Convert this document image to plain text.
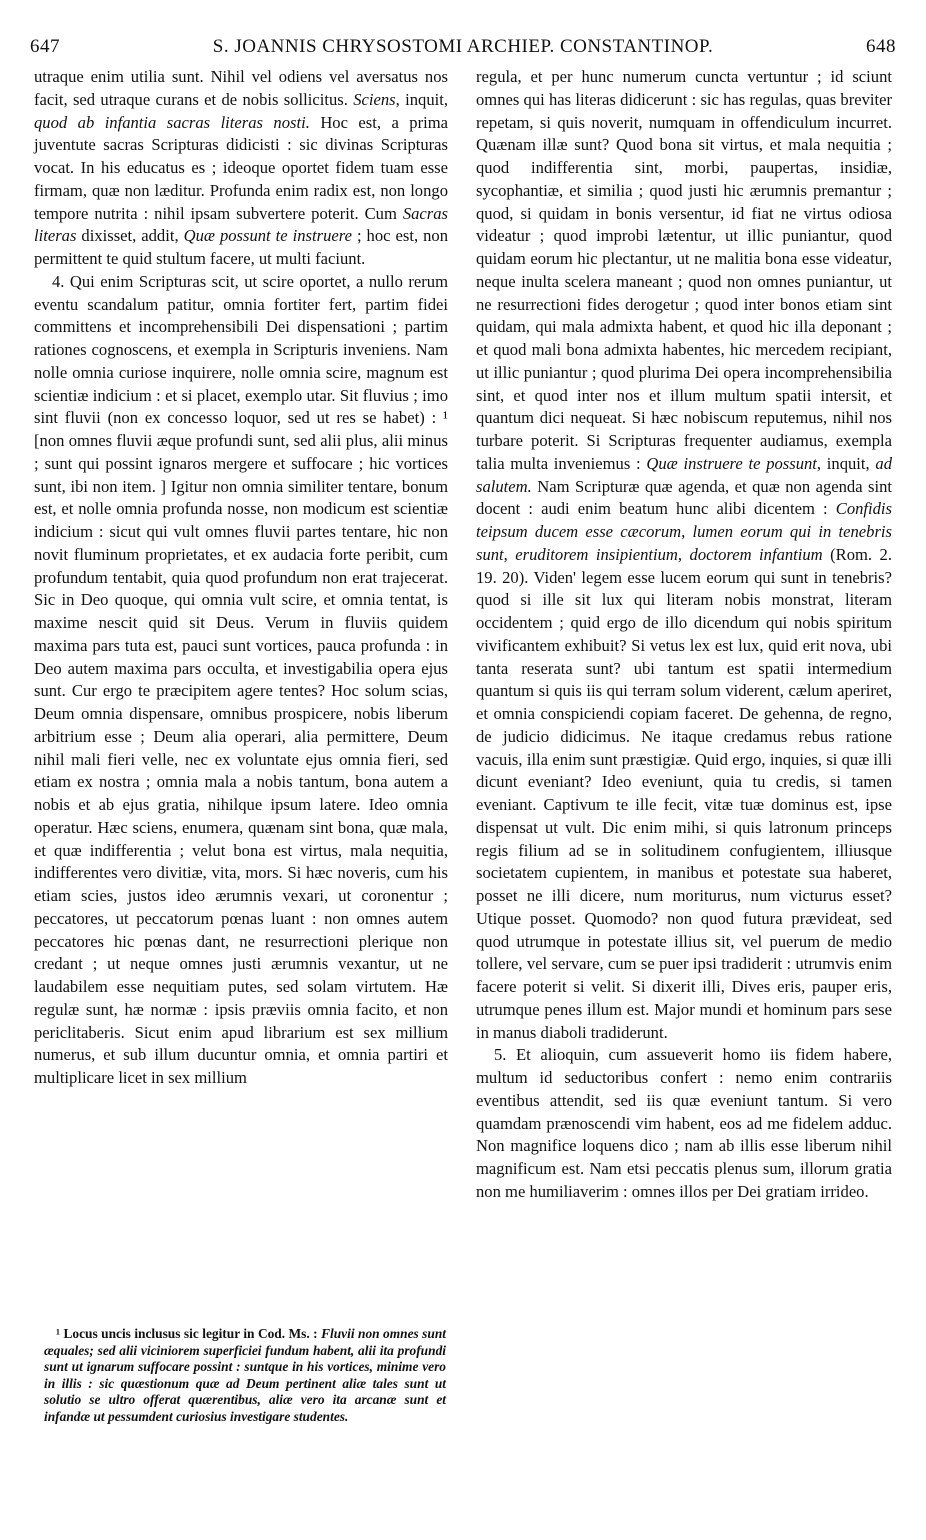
647	S. JOANNIS CHRYSOSTOMI ARCHIEP. CONSTANTINOP.	648

utraque enim utilia sunt. Nihil vel odiens vel aversatus nos facit, sed utraque curans et de nobis sollicitus. Sciens, inquit, quod ab infantia sacras literas nosti. Hoc est, a prima juventute sacras Scripturas didicisti : sic divinas Scripturas vocat. In his educatus es ; ideoque oportet fidem tuam esse firmam, quæ non læditur. Profunda enim radix est, non longo tempore nutrita : nihil ipsam subvertere poterit. Cum Sacras literas dixisset, addit, Quæ possunt te instruere ; hoc est, non permittent te quid stultum facere, ut multi faciunt.

4. Qui enim Scripturas scit, ut scire oportet, a nullo rerum eventu scandalum patitur, omnia fortiter fert, partim fidei committens et incomprehensibili Dei dispensationi ; partim rationes cognoscens, et exempla in Scripturis inveniens. Nam nolle omnia curiose inquirere, nolle omnia scire, magnum est scientiæ indicium : et si placet, exemplo utar. Sit fluvius ; imo sint fluvii (non ex concesso loquor, sed ut res se habet) : ¹ [non omnes fluvii æque profundi sunt, sed alii plus, alii minus ; sunt qui possint ignaros mergere et suffocare ; hic vortices sunt, ibi non item. ] Igitur non omnia similiter tentare, bonum est, et nolle omnia profunda nosse, non modicum est scientiæ indicium : sicut qui vult omnes fluvii partes tentare, hic non novit fluminum proprietates, et ex audacia forte peribit, cum profundum tentabit, quia quod profundum non erat trajecerat. Sic in Deo quoque, qui omnia vult scire, et omnia tentat, is maxime nescit quid sit Deus. Verum in fluviis quidem maxima pars tuta est, pauci sunt vortices, pauca profunda : in Deo autem maxima pars occulta, et investigabilia opera ejus sunt. Cur ergo te præcipitem agere tentes? Hoc solum scias, Deum omnia dispensare, omnibus prospicere, nobis liberum arbitrium esse ; Deum alia operari, alia permittere, Deum nihil mali fieri velle, nec ex voluntate ejus omnia fieri, sed etiam ex nostra ; omnia mala a nobis tantum, bona autem a nobis et ab ejus gratia, nihilque ipsum latere. Ideo omnia operatur. Hæc sciens, enumera, quænam sint bona, quæ mala, et quæ indifferentia ; velut bona est virtus, mala nequitia, indifferentes vero divitiæ, vita, mors. Si hæc noveris, cum his etiam scies, justos ideo ærumnis vexari, ut coronentur ; peccatores, ut peccatorum pœnas luant : non omnes autem peccatores hic pœnas dant, ne resurrectioni plerique non credant ; ut neque omnes justi ærumnis vexantur, ut ne laudabilem esse nequitiam putes, sed solam virtutem. Hæ regulæ sunt, hæ normæ : ipsis præviis omnia facito, et non periclitaberis. Sicut enim apud librarium est sex millium numerus, et sub illum ducuntur omnia, et omnia partiri et multiplicare licet in sex millium

¹ Locus uncis inclusus sic legitur in Cod. Ms. : Fluvii non omnes sunt æquales; sed alii viciniorem superficiei fundum habent, alii ita profundi sunt ut ignarum suffocare possint : suntque in his vortices, minime vero in illis : sic quæstionum quæ ad Deum pertinent aliæ tales sunt ut solutio se ultro offerat quærentibus, aliæ vero ita arcanæ sunt et infandæ ut pessumdent curiosius investigare studentes.

regula, et per hunc numerum cuncta vertuntur ; id sciunt omnes qui has literas didicerunt : sic has regulas, quas breviter repetam, si quis noverit, numquam in offendiculum incurret. Quænam illæ sunt? Quod bona sit virtus, et mala nequitia ; quod indifferentia sint, morbi, paupertas, insidiæ, sycophantiæ, et similia ; quod justi hic ærumnis premantur ; quod, si quidam in bonis versentur, id fiat ne virtus odiosa videatur ; quod improbi lætentur, ut illic puniantur, quod quidam eorum hic plectantur, ut ne malitia bona esse videatur, neque inulta scelera maneant ; quod non omnes puniantur, ut ne resurrectioni fides derogetur ; quod inter bonos etiam sint quidam, qui mala admixta habent, et quod hic illa deponant ; et quod mali bona admixta habentes, hic mercedem recipiant, ut illic puniantur ; quod plurima Dei opera incomprehensibilia sint, et quod inter nos et illum multum spatii intersit, et quantum dici nequeat. Si hæc nobiscum reputemus, nihil nos turbare poterit. Si Scripturas frequenter audiamus, exempla talia multa inveniemus : Quæ instruere te possunt, inquit, ad salutem. Nam Scripturæ quæ agenda, et quæ non agenda sint docent : audi enim beatum hunc alibi dicentem : Confidis teipsum ducem esse cæcorum, lumen eorum qui in tenebris sunt, eruditorem insipientium, doctorem infantium (Rom. 2. 19. 20). Viden' legem esse lucem eorum qui sunt in tenebris? quod si ille sit lux qui literam nobis monstrat, literam occidentem ; quid ergo de illo dicendum qui nobis spiritum vivificantem exhibuit? Si vetus lex est lux, quid erit nova, ubi tanta reserata sunt? ubi tantum est spatii intermedium quantum si quis iis qui terram solum viderent, cælum aperiret, et omnia conspiciendi copiam faceret. De gehenna, de regno, de judicio didicimus. Ne itaque credamus rebus ratione vacuis, illa enim sunt præstigiæ. Quid ergo, inquies, si quæ illi dicunt eveniant? Ideo eveniunt, quia tu credis, si tamen eveniant. Captivum te ille fecit, vitæ tuæ dominus est, ipse dispensat ut vult. Dic enim mihi, si quis latronum princeps regis filium ad se in solitudinem confugientem, illiusque societatem cupientem, in manibus et potestate sua haberet, posset ne illi dicere, num moriturus, num victurus esset? Utique posset. Quomodo? non quod futura prævideat, sed quod utrumque in potestate illius sit, vel puerum de medio tollere, vel servare, cum se puer ipsi tradiderit : utrumvis enim facere poterit si velit. Si dixerit illi, Dives eris, pauper eris, utrumque penes illum est. Major mundi et hominum pars sese in manus diaboli tradiderunt.

5. Et alioquin, cum assueverit homo iis fidem habere, multum id seductoribus confert : nemo enim contrariis eventibus attendit, sed iis quæ eveniunt tantum. Si vero quamdam prænoscendi vim habent, eos ad me fidelem adduc. Non magnifice loquens dico ; nam ab illis esse liberum nihil magnificum est. Nam etsi peccatis plenus sum, illorum gratia non me humiliaverim : omnes illos per Dei gratiam irrideo.
